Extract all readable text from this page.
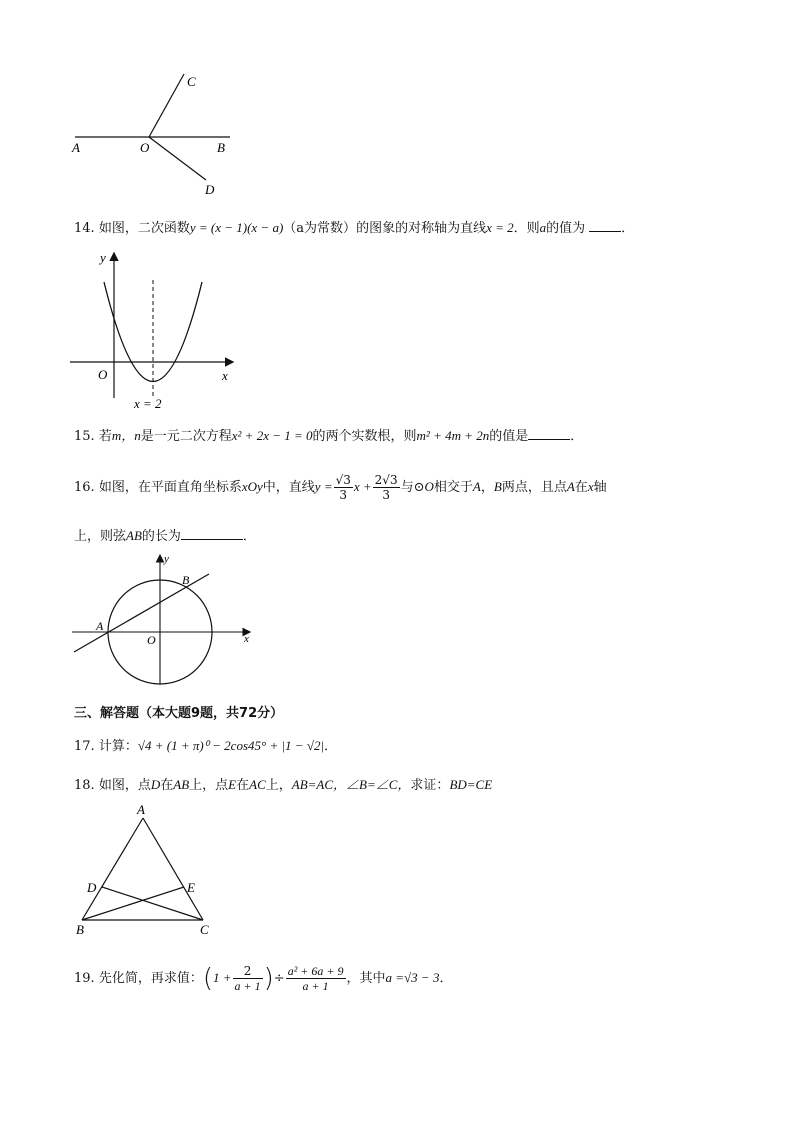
C
A	O	B
D
14. 如图，二次函数y = (x − 1)(x − a)（a为常数）的图象的对称轴为直线x = 2．则a的值为	．
y
x
O
x = 2
15. 若m，n是一元二次方程x² + 2x − 1 = 0的两个实数根，则m² + 4m + 2n的值是	．
16. 如图，在平面直角坐标系xOy中，直线$y = \frac{√3}{3}$ $x + \frac{2√3}{3}$ 与⊙O相交于A，B两点，且点A在x轴
上，则弦AB的长为	．
y
x
A
B
O
三、解答题（本大题9题，共72分）
17. 计算：√4 + (1 + π)⁰ − 2cos45° + |1 − √2|．
18. 如图，点D在AB上，点E在AC上，AB=AC，∠B=∠C，求证：BD=CE
A
B	C
D	E
19. 先化简，再求值：($1 + \frac{2}{a + 1}$ )÷ $\frac{\text{a² + 6a + 9}}{a + 1}$ ，其中a =√3 − 3．
